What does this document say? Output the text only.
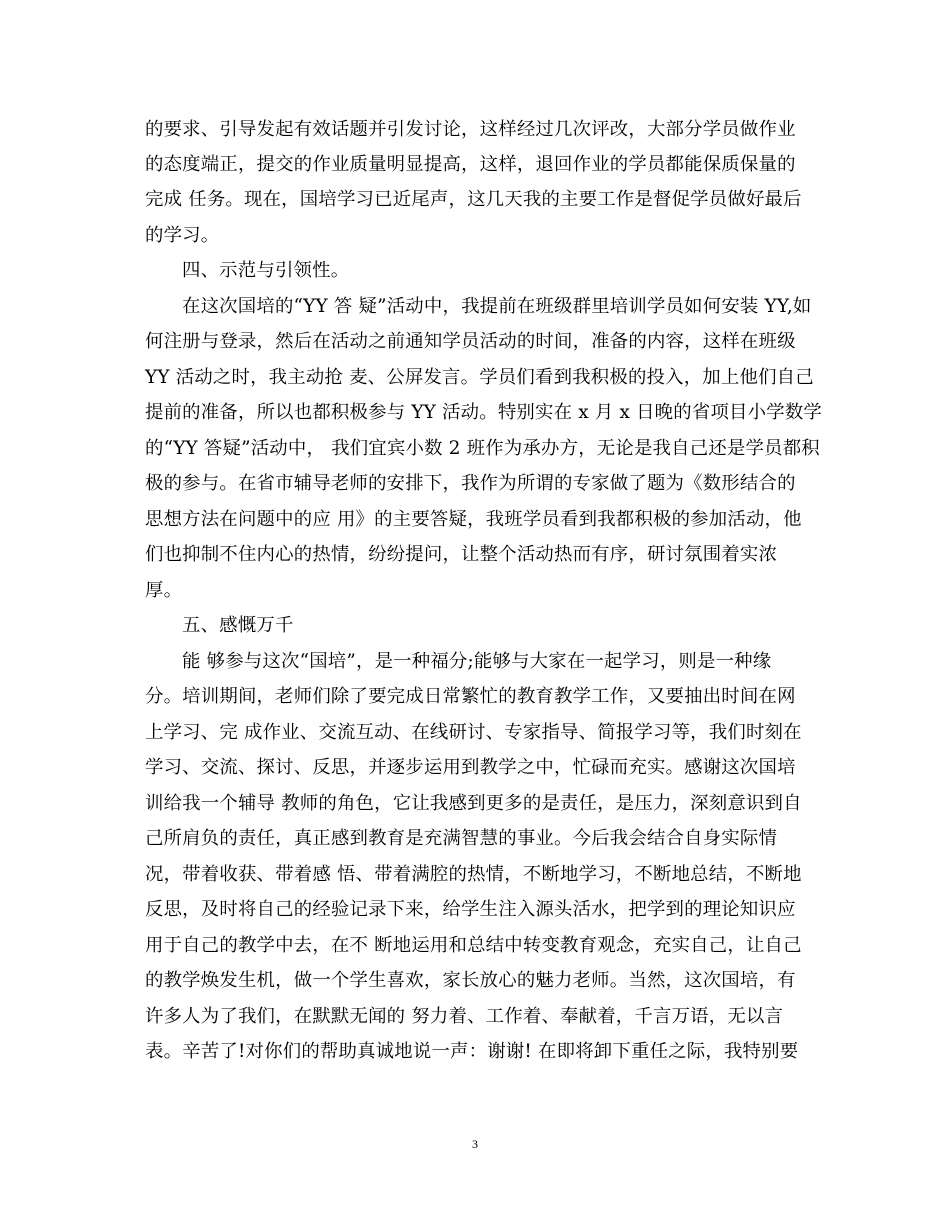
的要求、引导发起有效话题并引发讨论，这样经过几次评改，大部分学员做作业
的态度端正，提交的作业质量明显提高，这样，退回作业的学员都能保质保量的
完成 任务。现在，国培学习已近尾声，这几天我的主要工作是督促学员做好最后
的学习。
四、示范与引领性。
在这次国培的“YY 答 疑”活动中，我提前在班级群里培训学员如何安装 YY,如
何注册与登录，然后在活动之前通知学员活动的时间，准备的内容，这样在班级
YY 活动之时，我主动抢 麦、公屏发言。学员们看到我积极的投入，加上他们自己
提前的准备，所以也都积极参与 YY 活动。特别实在 x 月 x 日晚的省项目小学数学
的“YY 答疑”活动中， 我们宜宾小数 2 班作为承办方，无论是我自己还是学员都积
极的参与。在省市辅导老师的安排下，我作为所谓的专家做了题为《数形结合的
思想方法在问题中的应 用》的主要答疑，我班学员看到我都积极的参加活动，他
们也抑制不住内心的热情，纷纷提问，让整个活动热而有序，研讨氛围着实浓
厚。
五、感慨万千
能 够参与这次“国培”，是一种福分;能够与大家在一起学习，则是一种缘
分。培训期间，老师们除了要完成日常繁忙的教育教学工作，又要抽出时间在网
上学习、完 成作业、交流互动、在线研讨、专家指导、简报学习等，我们时刻在
学习、交流、探讨、反思，并逐步运用到教学之中，忙碌而充实。感谢这次国培
训给我一个辅导 教师的角色，它让我感到更多的是责任，是压力，深刻意识到自
己所肩负的责任，真正感到教育是充满智慧的事业。今后我会结合自身实际情
况，带着收获、带着感 悟、带着满腔的热情，不断地学习，不断地总结，不断地
反思，及时将自己的经验记录下来，给学生注入源头活水，把学到的理论知识应
用于自己的教学中去，在不 断地运用和总结中转变教育观念，充实自己，让自己
的教学焕发生机，做一个学生喜欢，家长放心的魅力老师。当然，这次国培，有
许多人为了我们，在默默无闻的 努力着、工作着、奉献着，千言万语，无以言
表。辛苦了!对你们的帮助真诚地说一声：谢谢! 在即将卸下重任之际，我特别要
3
